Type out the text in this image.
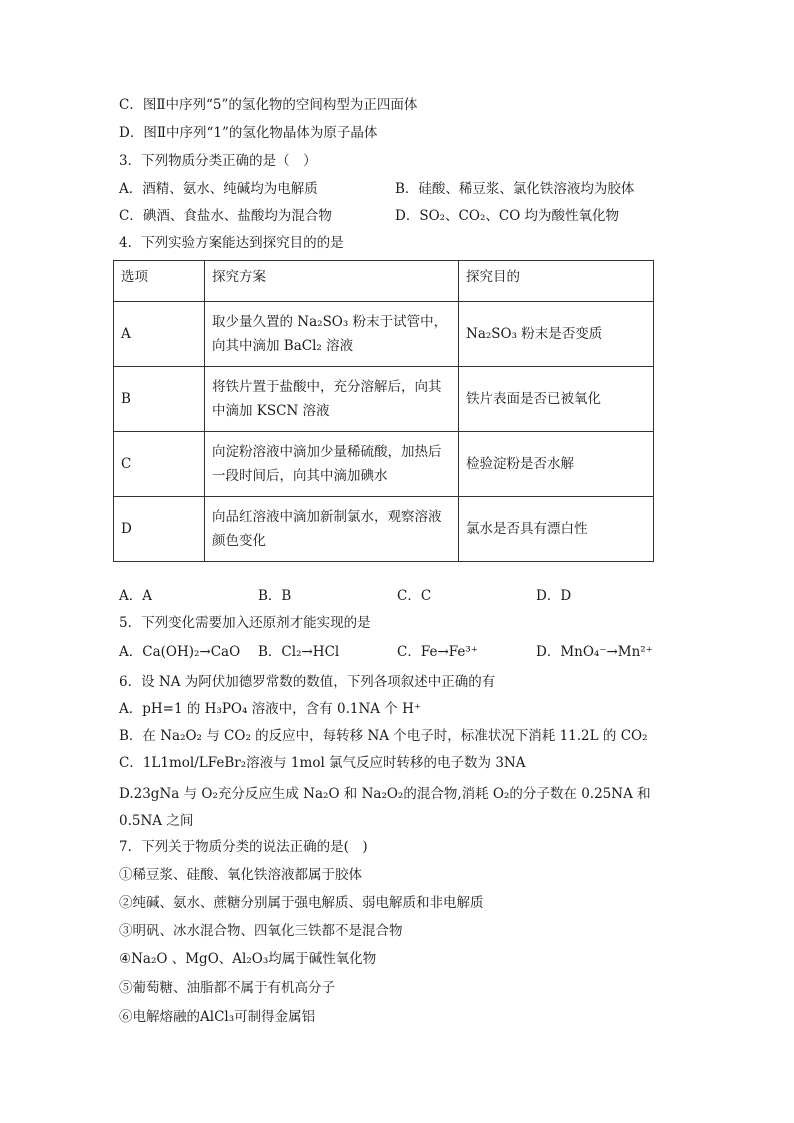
C．图Ⅱ中序列“5”的氢化物的空间构型为正四面体
D．图Ⅱ中序列“1”的氢化物晶体为原子晶体
3．下列物质分类正确的是（　）
A．酒精、氨水、纯碱均为电解质	B．硅酸、稀豆浆、氯化铁溶液均为胶体
C．碘酒、食盐水、盐酸均为混合物	D．SO₂、CO₂、CO 均为酸性氧化物
4．下列实验方案能达到探究目的的是
选项	探究方案	探究目的
A	取少量久置的 Na₂SO₃ 粉末于试管中，向其中滴加 BaCl₂ 溶液	Na₂SO₃ 粉末是否变质
B	将铁片置于盐酸中，充分溶解后，向其中滴加 KSCN 溶液	铁片表面是否已被氧化
C	向淀粉溶液中滴加少量稀硫酸，加热后一段时间后，向其中滴加碘水	检验淀粉是否水解
D	向品红溶液中滴加新制氯水，观察溶液颜色变化	氯水是否具有漂白性
A．A	B．B	C．C	D．D
5．下列变化需要加入还原剂才能实现的是
A．Ca(OH)₂→CaO B．Cl₂→HCl	C．Fe→Fe³⁺	D．MnO₄⁻→Mn²⁺
6．设 NA 为阿伏加德罗常数的数值，下列各项叙述中正确的有
A．pH=1 的 H₃PO₄ 溶液中，含有 0.1NA 个 H⁺
B．在 Na₂O₂ 与 CO₂ 的反应中，每转移 NA 个电子时，标准状况下消耗 11.2L 的 CO₂
C．1L1mol/LFeBr₂溶液与 1mol 氯气反应时转移的电子数为 3NA
D.23gNa 与 O₂充分反应生成 Na₂O 和 Na₂O₂的混合物,消耗 O₂的分子数在 0.25NA 和 0.5NA 之间
7．下列关于物质分类的说法正确的是(　)
①稀豆浆、硅酸、氧化铁溶液都属于胶体
②纯碱、氨水、蔗糖分别属于强电解质、弱电解质和非电解质
③明矾、冰水混合物、四氧化三铁都不是混合物
④Na₂O 、MgO、Al₂O₃均属于碱性氧化物
⑤葡萄糖、油脂都不属于有机高分子
⑥电解熔融的AlCl₃可制得金属铝
